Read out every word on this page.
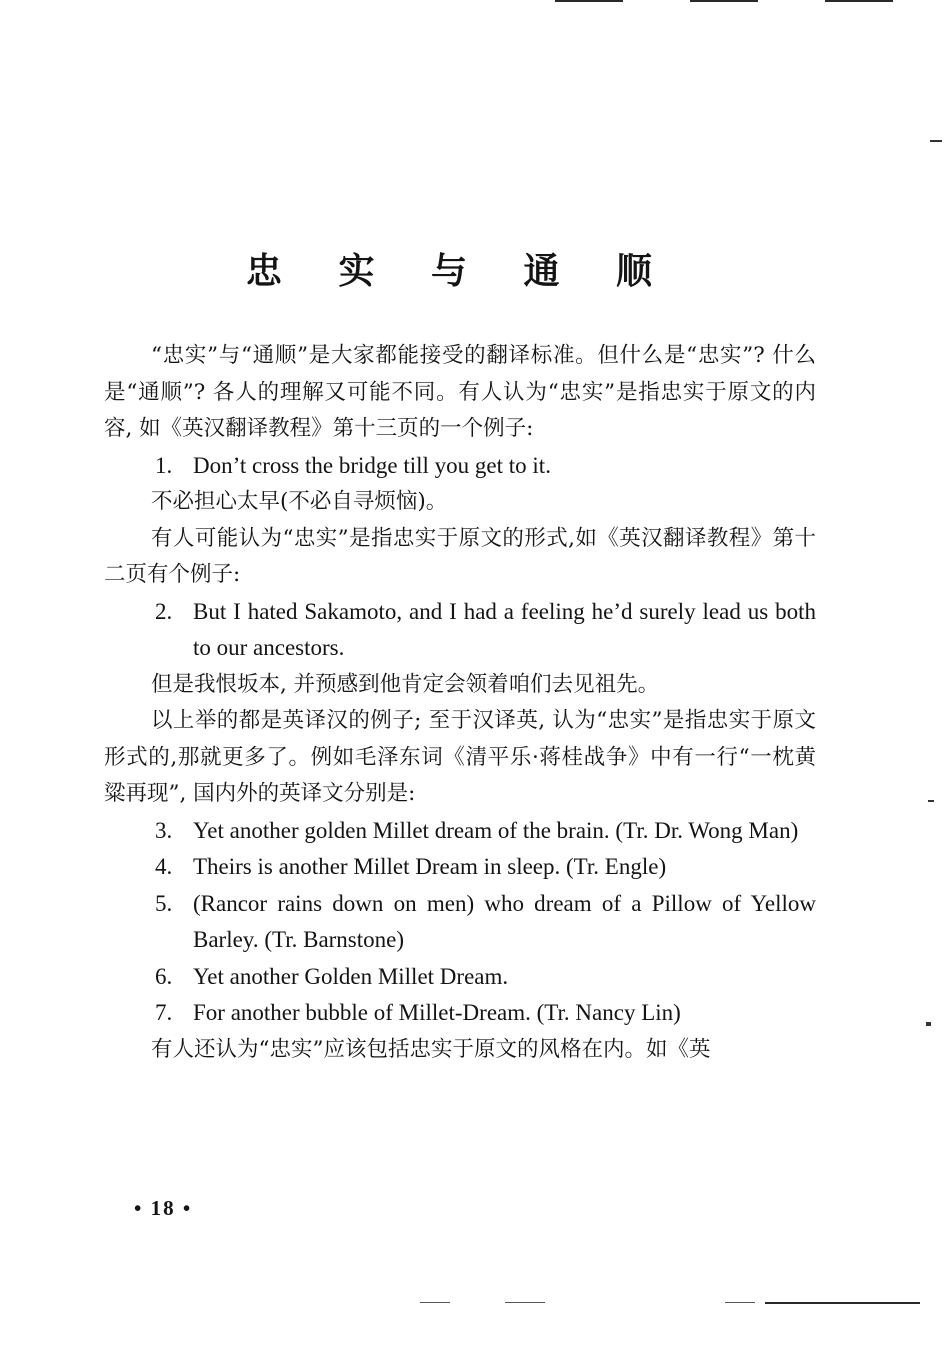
忠 实 与 通 顺

“忠实”与“通顺”是大家都能接受的翻译标准。但什么是“忠实”? 什么是“通顺”? 各人的理解又可能不同。有人认为“忠实”是指忠实于原文的内容, 如《英汉翻译教程》第十三页的一个例子:

1. Don’t cross the bridge till you get to it.

不必担心太早(不必自寻烦恼)。

有人可能认为“忠实”是指忠实于原文的形式,如《英汉翻译教程》第十二页有个例子:

2. But I hated Sakamoto, and I had a feeling he’d surely lead us both to our ancestors.

但是我恨坂本, 并预感到他肯定会领着咱们去见祖先。

以上举的都是英译汉的例子; 至于汉译英, 认为“忠实”是指忠实于原文形式的,那就更多了。例如毛泽东词《清平乐·蒋桂战争》中有一行“一枕黄粱再现”, 国内外的英译文分别是:

3. Yet another golden Millet dream of the brain. (Tr. Dr. Wong Man)

4. Theirs is another Millet Dream in sleep. (Tr. Engle)

5. (Rancor rains down on men) who dream of a Pillow of Yellow Barley. (Tr. Barnstone)

6. Yet another Golden Millet Dream.

7. For another bubble of Millet-Dream. (Tr. Nancy Lin)

有人还认为“忠实”应该包括忠实于原文的风格在内。如《英

• 18 •
